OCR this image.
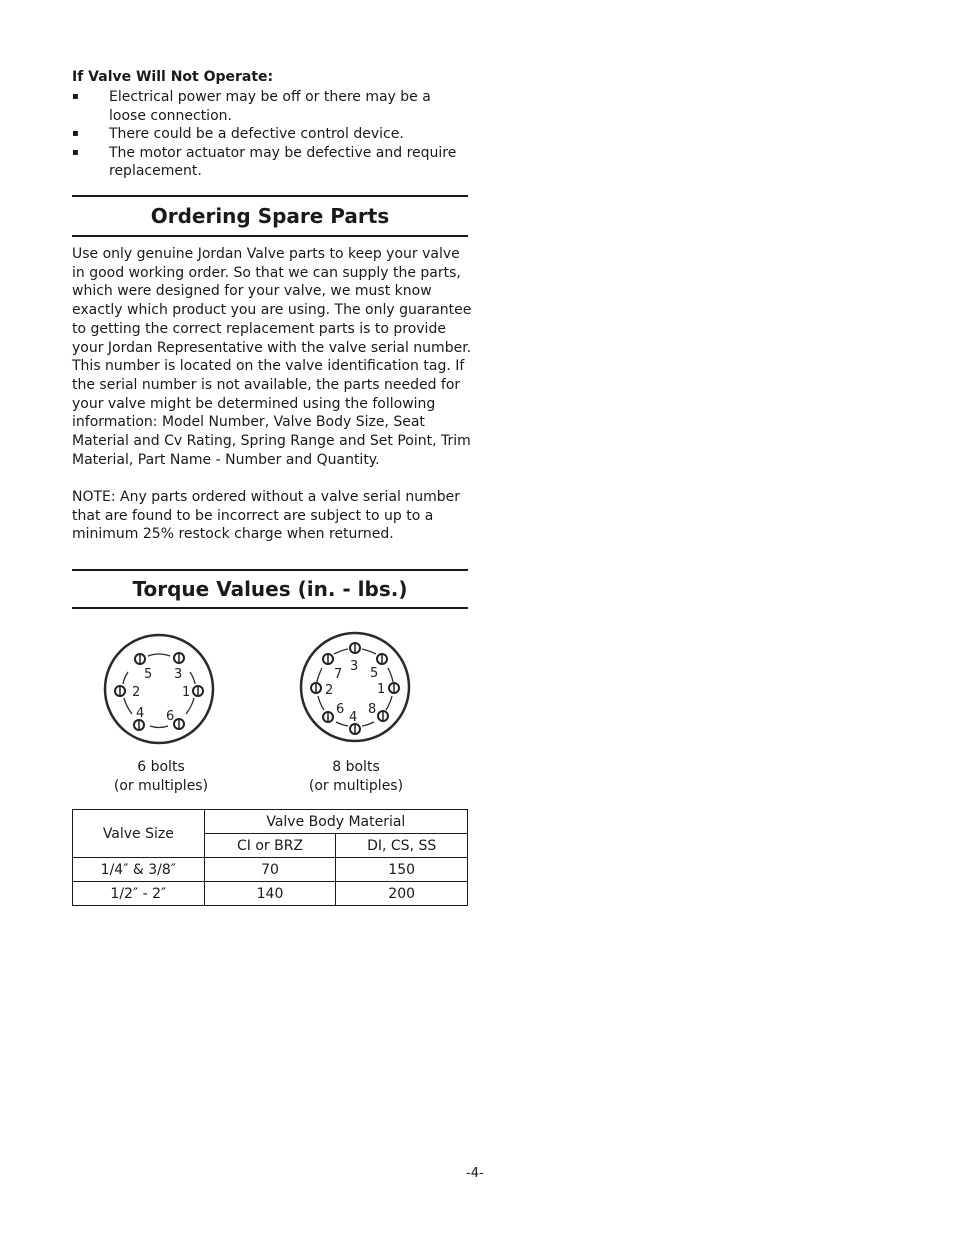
If Valve Will Not Operate:
▪ Electrical power may be off or there may be a loose connection.
▪ There could be a defective control device.
▪ The motor actuator may be defective and require replacement.
Ordering Spare Parts

Use only genuine Jordan Valve parts to keep your valve in good working order. So that we can supply the parts, which were designed for your valve, we must know exactly which product you are using. The only guarantee to getting the correct replacement parts is to provide your Jordan Representative with the valve serial number. This number is located on the valve identification tag. If the serial number is not available, the parts needed for your valve might be determined using the following information: Model Number, Valve Body Size, Seat Material and Cv Rating, Spring Range and Set Point, Trim Material, Part Name - Number and Quantity.

NOTE: Any parts ordered without a valve serial number that are found to be incorrect are subject to up to a minimum 25% restock charge when returned.

Torque Values (in. - lbs.)
1
2
3
4
5
6
6 bolts
(or multiples)
1
2
3
4
5
6
7
8
8 bolts
(or multiples)
Valve Size	Valve Body Material	
	CI or BRZ	DI, CS, SS
1/4″ & 3/8″	70	150
1/2″ - 2″	140	200
-4-
